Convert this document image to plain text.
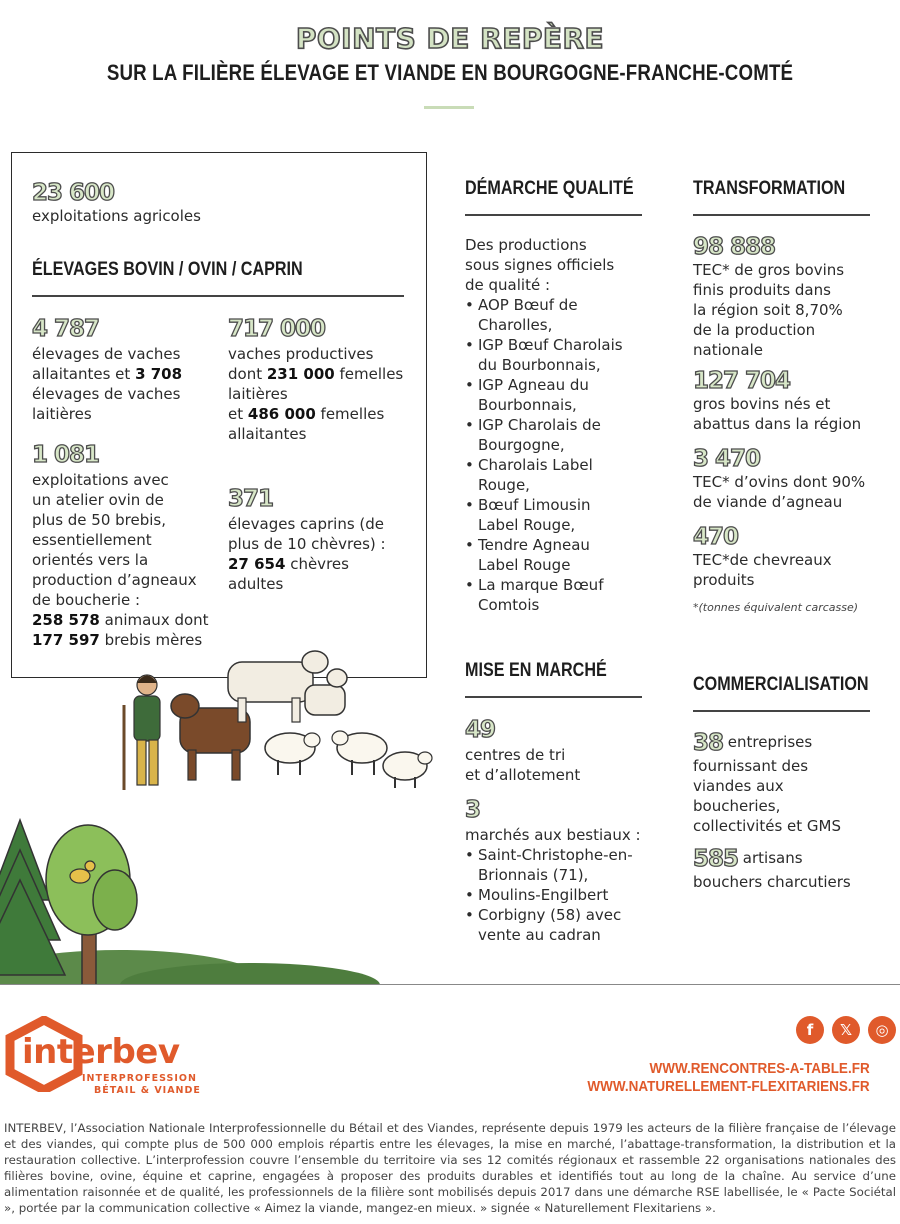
POINTS DE REPÈRE
SUR LA FILIÈRE ÉLEVAGE ET VIANDE EN BOURGOGNE-FRANCHE-COMTÉ
23 600
exploitations agricoles
ÉLEVAGES BOVIN / OVIN / CAPRIN
4 787
élevages de vaches
allaitantes et 3 708
élevages de vaches
laitières
717 000
vaches productives
dont 231 000 femelles
laitières
et 486 000 femelles
allaitantes
1 081
exploitations avec
un atelier ovin de
plus de 50 brebis,
essentiellement
orientés vers la
production d’agneaux
de boucherie :
258 578 animaux dont
177 597 brebis mères
371
élevages caprins (de
plus de 10 chèvres) :
27 654 chèvres
adultes
DÉMARCHE QUALITÉ
Des productions
sous signes officiels
de qualité :
• AOP Bœuf de
Charolles,
• IGP Bœuf Charolais
du Bourbonnais,
• IGP Agneau du
Bourbonnais,
• IGP Charolais de
Bourgogne,
• Charolais Label
Rouge,
• Bœuf Limousin
Label Rouge,
• Tendre Agneau
Label Rouge
• La marque Bœuf
Comtois
MISE EN MARCHÉ
49
centres de tri
et d’allotement
3
marchés aux bestiaux :
• Saint-Christophe-en-
Brionnais (71),
• Moulins-Engilbert
• Corbigny (58) avec
vente au cadran
TRANSFORMATION
98 888
TEC* de gros bovins
finis produits dans
la région soit 8,70%
de la production
nationale
127 704
gros bovins nés et
abattus dans la région
3 470
TEC* d’ovins dont 90%
de viande d’agneau
470
TEC*de chevreaux
produits
*(tonnes équivalent carcasse)
COMMERCIALISATION
38 entreprises
fournissant des
viandes aux
boucheries,
collectivités et GMS
585 artisans
bouchers charcutiers
interbev
INTERPROFESSION
BÉTAIL & VIANDE
f	𝕏	◎
WWW.RENCONTRES-A-TABLE.FR
WWW.NATURELLEMENT-FLEXITARIENS.FR
INTERBEV, l’Association Nationale Interprofessionnelle du Bétail et des Viandes, représente depuis 1979 les acteurs de la filière française de l’élevage et des viandes, qui compte plus de 500 000 emplois répartis entre les élevages, la mise en marché, l’abattage-transformation, la distribution et la restauration collective. L’interprofession couvre l’ensemble du territoire via ses 12 comités régionaux et rassemble 22 organisations nationales des filières bovine, ovine, équine et caprine, engagées à proposer des produits durables et identifiés tout au long de la chaîne. Au service d’une alimentation raisonnée et de qualité, les professionnels de la filière sont mobilisés depuis 2017 dans une démarche RSE labellisée, le « Pacte Sociétal », portée par la communication collective « Aimez la viande, mangez-en mieux. » signée « Naturellement Flexitariens ».
